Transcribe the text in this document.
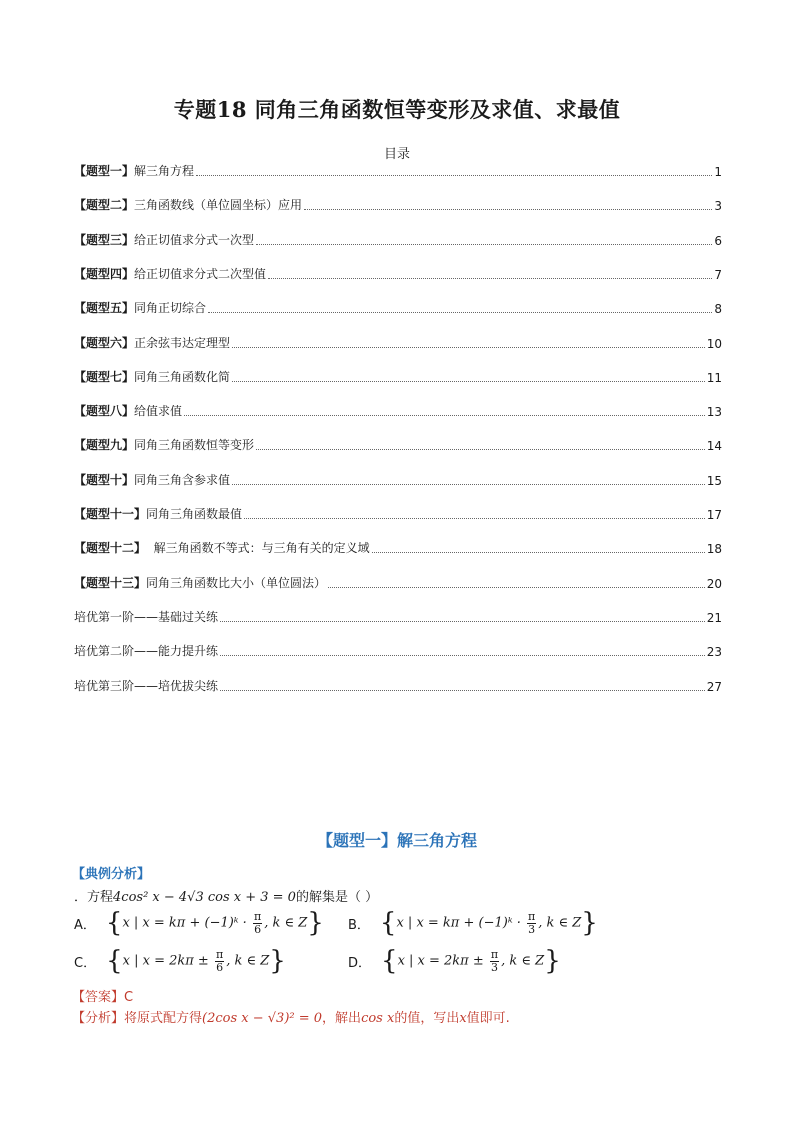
专题18 同角三角函数恒等变形及求值、求最值
目录
【题型一】解三角方程	1
【题型二】三角函数线（单位圆坐标）应用	3
【题型三】给正切值求分式一次型	6
【题型四】给正切值求分式二次型值	7
【题型五】同角正切综合	8
【题型六】正余弦韦达定理型	10
【题型七】同角三角函数化简	11
【题型八】给值求值	13
【题型九】同角三角函数恒等变形	14
【题型十】同角三角含参求值	15
【题型十一】同角三角函数最值	17
【题型十二】  解三角函数不等式：与三角有关的定义域	18
【题型十三】同角三角函数比大小（单位圆法）	20
培优第一阶——基础过关练	21
培优第二阶——能力提升练	23
培优第三阶——培优拔尖练	27
【题型一】解三角方程
【典例分析】
．方程4cos² x − 4√3 cos x + 3 = 0的解集是（ ）
A． { x | x = kπ + (−1)ᵏ · $\frac{\pi}{6}$ , k ∈ Z } B． { x | x = kπ + (−1)ᵏ · $\frac{\pi}{3}$ , k ∈ Z }
C． { x | $x = 2k\pi \pm \frac{\pi}{6}$ , k ∈ Z }	D． { x | $x = 2k\pi \pm \frac{\pi}{3}$ , k ∈ Z }
【答案】C
【分析】将原式配方得(2cos x − √3)² = 0，解出cos x的值，写出x值即可.
